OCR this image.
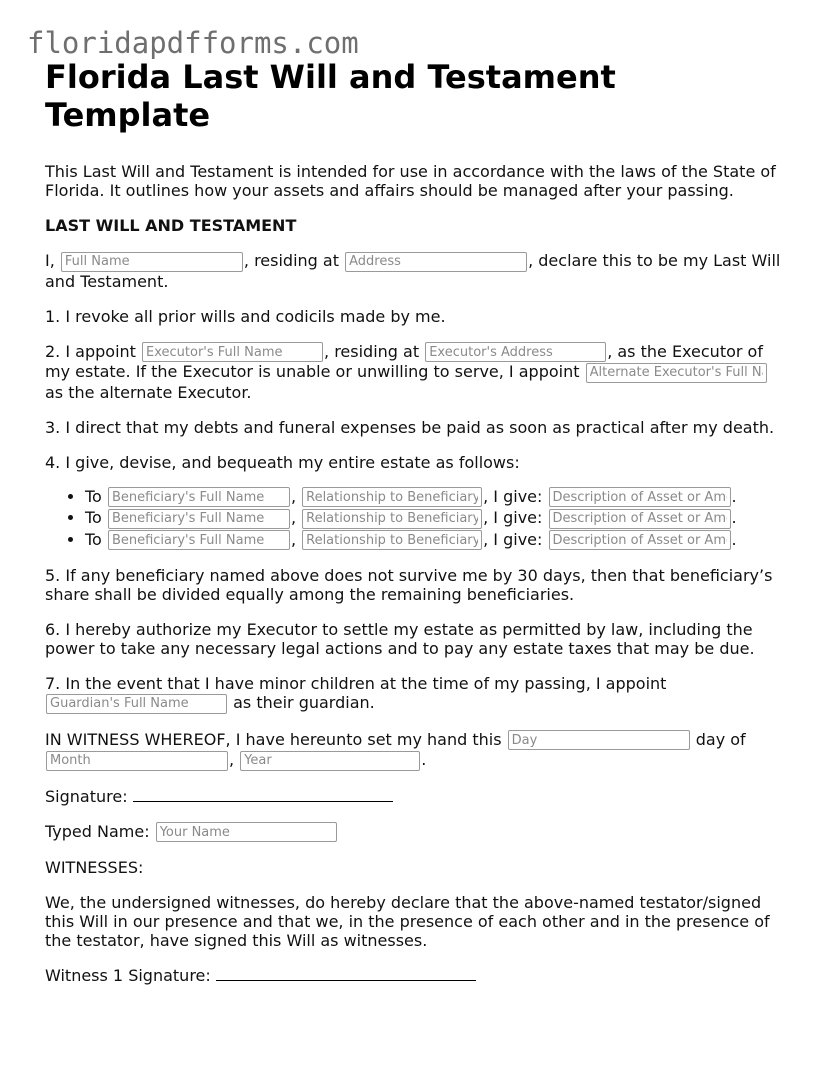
floridapdfforms.com
Florida Last Will and Testament Template

This Last Will and Testament is intended for use in accordance with the laws of the State of Florida. It outlines how your assets and affairs should be managed after your passing.

LAST WILL AND TESTAMENT

I, Full Name	, residing at Address	, declare this to be my Last Will and Testament.

1. I revoke all prior wills and codicils made by me.

2. I appoint Executor's Full Name	, residing at Executor's Address	, as the Executor of my estate. If the Executor is unable or unwilling to serve, I appoint Alternate Executor's Full Name as the alternate Executor.

3. I direct that my debts and funeral expenses be paid as soon as practical after my death.

4. I give, devise, and bequeath my entire estate as follows:

• To Beneficiary's Full Name	, Relationship to Beneficiary	, I give: Description of Asset or Amount	.
• To Beneficiary's Full Name	, Relationship to Beneficiary	, I give: Description of Asset or Amount	.
• To Beneficiary's Full Name	, Relationship to Beneficiary	, I give: Description of Asset or Amount	.

5. If any beneficiary named above does not survive me by 30 days, then that beneficiary’s share shall be divided equally among the remaining beneficiaries.

6. I hereby authorize my Executor to settle my estate as permitted by law, including the power to take any necessary legal actions and to pay any estate taxes that may be due.

7. In the event that I have minor children at the time of my passing, I appoint
Guardian's Full Name as their guardian.

IN WITNESS WHEREOF, I have hereunto set my hand this Day	day of
Month, Year	.

Signature:

Typed Name: Your Name

WITNESSES:

We, the undersigned witnesses, do hereby declare that the above-named testator/signed this Will in our presence and that we, in the presence of each other and in the presence of the testator, have signed this Will as witnesses.

Witness 1 Signature:
